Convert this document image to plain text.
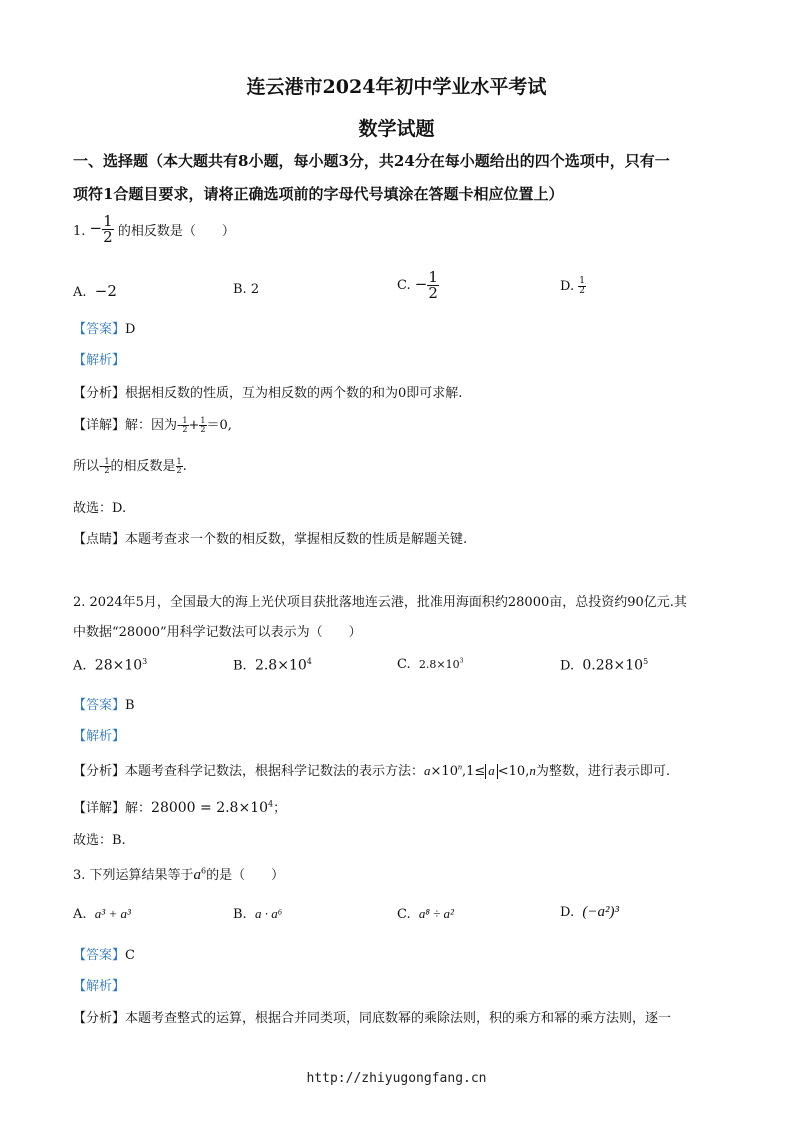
连云港市2024年初中学业水平考试
数学试题
一、选择题（本大题共有8小题，每小题3分，共24分在每小题给出的四个选项中，只有一
项符1合题目要求，请将正确选项前的字母代号填涂在答题卡相应位置上）
1. − $\frac{1}{2}$ 的相反数是（　　）
A. −2	B. 2	C. − $\frac{1}{2}$	D. $\frac{1}{2}$
【答案】D
【解析】
【分析】根据相反数的性质，互为相反数的两个数的和为0即可求解.
【详解】解：因为- $\frac{1}{2} + \frac{1}{2} =0$,
所以- $\frac{1}{2}$ 的相反数是 $\frac{1}{2}$ .
故选：D.
【点睛】本题考查求一个数的相反数，掌握相反数的性质是解题关键.
2. 2024年5月，全国最大的海上光伏项目获批落地连云港，批准用海面积约28000亩，总投资约90亿元.其
中数据“28000”用科学记数法可以表示为（　　）
A. $28\times 10^3$	B. $2.8\times 10^4$	C. $2.8\times 10^3$	D. $0.28\times 10^5$
【答案】B
【解析】
【分析】本题考查科学记数法，根据科学记数法的表示方法：$a\times 10^n,1\le a <10,n$为整数，进行表示即可.
【详解】解：$28000 = 2.8\times 10^4$；
故选：B.
3. 下列运算结果等于$a^6$的是（　　）
A. a³ + a³	B. a · a⁶	C. a⁸ ÷ a²	D. (−a²)³
【答案】C
【解析】
【分析】本题考查整式的运算，根据合并同类项，同底数幂的乘除法则，积的乘方和幂的乘方法则，逐一
http://zhiyugongfang.cn
